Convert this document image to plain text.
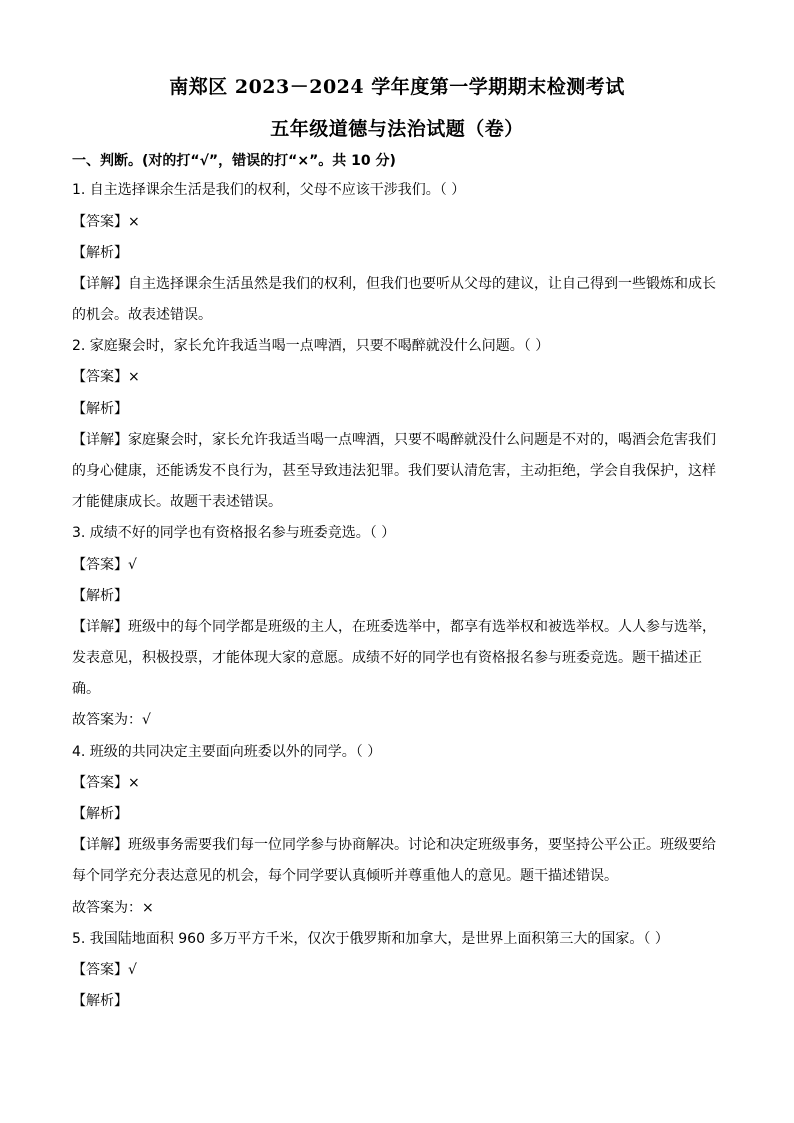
南郑区 2023－2024 学年度第一学期期末检测考试
五年级道德与法治试题（卷）
一、判断。(对的打“√”，错误的打“×”。共 10 分)
1. 自主选择课余生活是我们的权利，父母不应该干涉我们。（ ）
【答案】×
【解析】
【详解】自主选择课余生活虽然是我们的权利，但我们也要听从父母的建议，让自己得到一些锻炼和成长
的机会。故表述错误。
2. 家庭聚会时，家长允许我适当喝一点啤酒，只要不喝醉就没什么问题。（ ）
【答案】×
【解析】
【详解】家庭聚会时，家长允许我适当喝一点啤酒，只要不喝醉就没什么问题是不对的，喝酒会危害我们
的身心健康，还能诱发不良行为，甚至导致违法犯罪。我们要认清危害，主动拒绝，学会自我保护，这样
才能健康成长。故题干表述错误。
3. 成绩不好的同学也有资格报名参与班委竞选。（ ）
【答案】√
【解析】
【详解】班级中的每个同学都是班级的主人，在班委选举中，都享有选举权和被选举权。人人参与选举，
发表意见，积极投票，才能体现大家的意愿。成绩不好的同学也有资格报名参与班委竞选。题干描述正
确。
故答案为：√
4. 班级的共同决定主要面向班委以外的同学。（ ）
【答案】×
【解析】
【详解】班级事务需要我们每一位同学参与协商解决。讨论和决定班级事务，要坚持公平公正。班级要给
每个同学充分表达意见的机会，每个同学要认真倾听并尊重他人的意见。题干描述错误。
故答案为：×
5. 我国陆地面积 960 多万平方千米，仅次于俄罗斯和加拿大，是世界上面积第三大的国家。（ ）
【答案】√
【解析】
